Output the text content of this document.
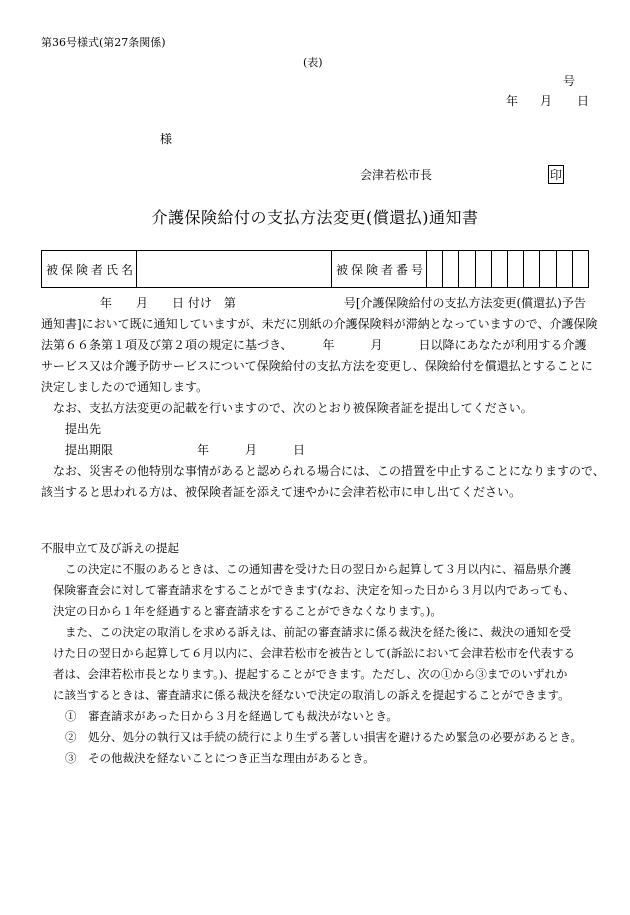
第36号様式(第27条関係)
(表)
号
年 月 日
様
会津若松市長	印
介護保険給付の支払方法変更(償還払)通知書
被保険者氏名		被保険者番号										
年　　月　　日 付け　第　　　　　　　　　号[介護保険給付の支払方法変更(償還払)予告
通知書]において既に通知していますが、未だに別紙の介護保険料が滞納となっていますので、介護保険
法第６６条第１項及び第２項の規定に基づき、　　　年　　　月　　　日以降にあなたが利用する介護
サービス又は介護予防サービスについて保険給付の支払方法を変更し、保険給付を償還払とすることに
決定しましたので通知します。
なお、支払方法変更の記載を行いますので、次のとおり被保険者証を提出してください。
提出先
提出期限　　　　　　　年　　　月　　　日
なお、災害その他特別な事情があると認められる場合には、この措置を中止することになりますので、
該当すると思われる方は、被保険者証を添えて速やかに会津若松市に申し出てください。
不服申立て及び訴えの提起
この決定に不服のあるときは、この通知書を受けた日の翌日から起算して３月以内に、福島県介護
保険審査会に対して審査請求をすることができます(なお、決定を知った日から３月以内であっても、
決定の日から１年を経過すると審査請求をすることができなくなります。)。
また、この決定の取消しを求める訴えは、前記の審査請求に係る裁決を経た後に、裁決の通知を受
けた日の翌日から起算して６月以内に、会津若松市を被告として(訴訟において会津若松市を代表する
者は、会津若松市長となります。)、提起することができます。ただし、次の①から③までのいずれか
に該当するときは、審査請求に係る裁決を経ないで決定の取消しの訴えを提起することができます。
①　審査請求があった日から３月を経過しても裁決がないとき。
②　処分、処分の執行又は手続の続行により生ずる著しい損害を避けるため緊急の必要があるとき。
③　その他裁決を経ないことにつき正当な理由があるとき。
